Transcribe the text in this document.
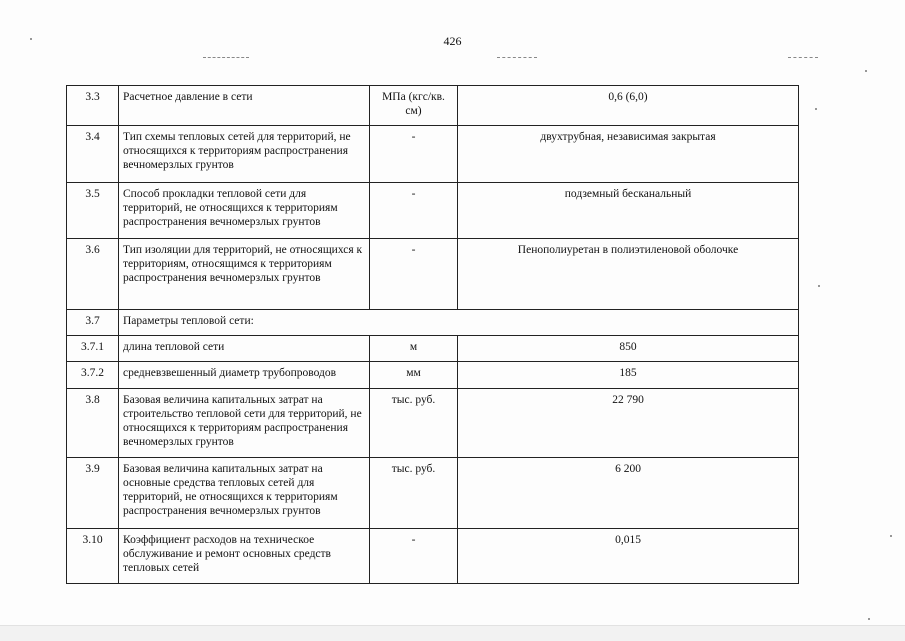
426
3.3	Расчетное давление в сети	МПа (кгс/кв. см)	0,6 (6,0)
3.4	Тип схемы тепловых сетей для территорий, не относящихся к территориям распространения вечномерзлых грунтов	-	двухтрубная, независимая закрытая
3.5	Способ прокладки тепловой сети для территорий, не относящихся к территориям распространения вечномерзлых грунтов	-	подземный бесканальный
3.6	Тип изоляции для территорий, не относящихся к территориям, относящимся к территориям распространения вечномерзлых грунтов	-	Пенополиуретан в полиэтиленовой оболочке
3.7	Параметры тепловой сети:		
3.7.1	длина тепловой сети	м	850
3.7.2	средневзвешенный диаметр трубопроводов	мм	185
3.8	Базовая величина капитальных затрат на строительство тепловой сети для территорий, не относящихся к территориям распространения вечномерзлых грунтов	тыс. руб.	22 790
3.9	Базовая величина капитальных затрат на основные средства тепловых сетей для территорий, не относящихся к территориям распространения вечномерзлых грунтов	тыс. руб.	6 200
3.10	Коэффициент расходов на техническое обслуживание и ремонт основных средств тепловых сетей	-	0,015
